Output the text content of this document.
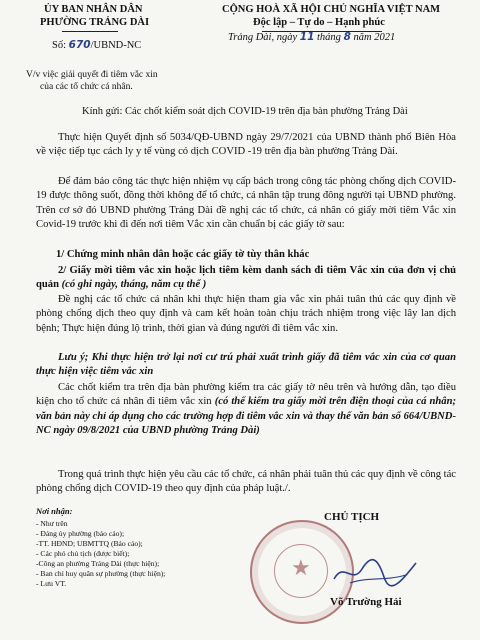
ỦY BAN NHÂN DÂN
PHƯỜNG TRẢNG DÀI
Số: 670/UBND-NC
CỘNG HOÀ XÃ HỘI CHỦ NGHĨA VIỆT NAM
Độc lập – Tự do – Hạnh phúc
Trảng Dài, ngày 11 tháng 8 năm 2021
V/v việc giải quyết đi tiêm vắc xin
của các tổ chức cá nhân.
Kính gửi: Các chốt kiểm soát dịch COVID-19 trên địa bàn phường Trảng Dài

Thực hiện Quyết định số 5034/QĐ-UBND ngày 29/7/2021 của UBND thành phố Biên Hòa về việc tiếp tục cách ly y tế vùng có dịch COVID -19 trên địa bàn phường Trảng Dài.

Để đảm bảo công tác thực hiện nhiệm vụ cấp bách trong công tác phòng chống dịch COVID-19 được thông suốt, đồng thời không để tổ chức, cá nhân tập trung đông người tại UBND phường. Trên cơ sở đó UBND phường Trảng Dài đề nghị các tổ chức, cá nhân có giấy mời tiêm Vắc xin Covid-19 trước khi đi đến nơi tiêm Vắc xin cần chuẩn bị các giấy tờ sau:

1/ Chứng minh nhân dân hoặc các giấy tờ tùy thân khác

2/ Giấy mời tiêm vắc xin hoặc lịch tiêm kèm danh sách đi tiêm Vắc xin của đơn vị chủ quản (có ghi ngày, tháng, năm cụ thể )

Đề nghị các tổ chức cá nhân khi thực hiện tham gia vắc xin phải tuân thủ các quy định về phòng chống dịch theo quy định và cam kết hoàn toàn chịu trách nhiệm trong việc lây lan dịch bệnh; Thực hiện đúng lộ trình, thời gian và đúng người đi tiêm vắc xin.

Lưu ý; Khi thực hiện trở lại nơi cư trú phải xuất trình giấy đã tiêm vắc xin của cơ quan thực hiện việc tiêm vắc xin

Các chốt kiểm tra trên địa bàn phường kiểm tra các giấy tờ nêu trên và hướng dẫn, tạo điều kiện cho tổ chức cá nhân đi tiêm vắc xin (có thể kiểm tra giấy mời trên điện thoại của cá nhân; văn bản này chỉ áp dụng cho các trường hợp đi tiêm vắc xin và thay thế văn bản số 664/UBND-NC ngày 09/8/2021 của UBND phường Trảng Dài)

Trong quá trình thực hiện yêu cầu các tổ chức, cá nhân phải tuân thủ các quy định về công tác phòng chống dịch COVID-19 theo quy định của pháp luật./.

Nơi nhận:
- Như trên
- Đảng ủy phường (báo cáo);
-TT. HĐND; UBMTTQ (Báo cáo);
- Các phó chủ tịch (được biết);
-Công an phường Trảng Dài (thực hiện);
- Ban chỉ huy quân sự phường (thực hiện);
- Lưu VT.
CHỦ TỊCH
★
Võ Trường Hải
